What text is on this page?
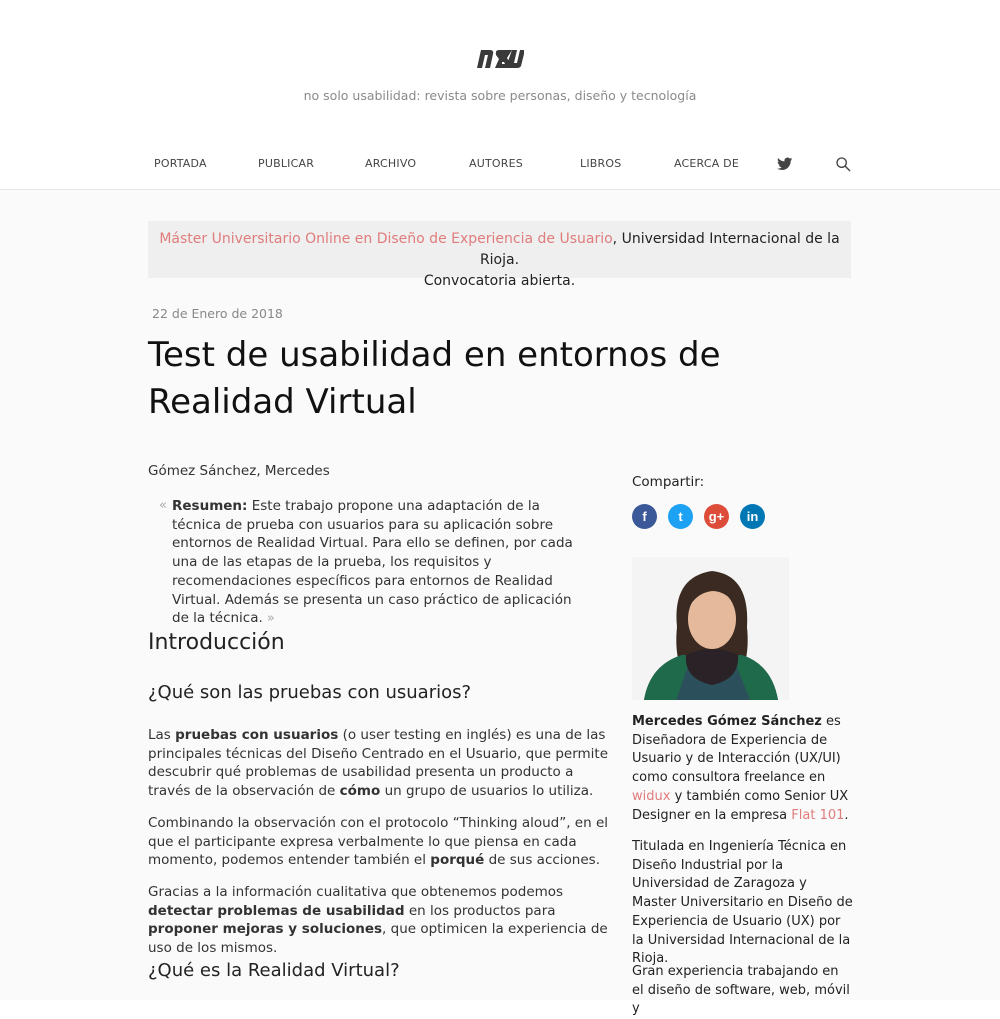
no solo usabilidad: revista sobre personas, diseño y tecnología
PORTADA	PUBLICAR	ARCHIVO	AUTORES	LIBROS	ACERCA DE
Máster Universitario Online en Diseño de Experiencia de Usuario, Universidad Internacional de la Rioja.
Convocatoria abierta.
22 de Enero de 2018
Test de usabilidad en entornos de Realidad Virtual
Gómez Sánchez, Mercedes
« Resumen: Este trabajo propone una adaptación de la técnica de prueba con usuarios para su aplicación sobre entornos de Realidad Virtual. Para ello se definen, por cada una de las etapas de la prueba, los requisitos y recomendaciones específicos para entornos de Realidad Virtual. Además se presenta un caso práctico de aplicación de la técnica. »
Introducción
¿Qué son las pruebas con usuarios?

Las pruebas con usuarios (o user testing en inglés) es una de las principales técnicas del Diseño Centrado en el Usuario, que permite descubrir qué problemas de usabilidad presenta un producto a través de la observación de cómo un grupo de usuarios lo utiliza.

Combinando la observación con el protocolo “Thinking aloud”, en el que el participante expresa verbalmente lo que piensa en cada momento, podemos entender también el porqué de sus acciones.

Gracias a la información cualitativa que obtenemos podemos detectar problemas de usabilidad en los productos para proponer mejoras y soluciones, que optimicen la experiencia de uso de los mismos.

¿Qué es la Realidad Virtual?
Compartir:
f	t	g+	in

Mercedes Gómez Sánchez es Diseñadora de Experiencia de Usuario y de Interacción (UX/UI) como consultora freelance en widux y también como Senior UX Designer en la empresa Flat 101.

Titulada en Ingeniería Técnica en Diseño Industrial por la Universidad de Zaragoza y Master Universitario en Diseño de Experiencia de Usuario (UX) por la Universidad Internacional de la Rioja.

Gran experiencia trabajando en el diseño de software, web, móvil y
